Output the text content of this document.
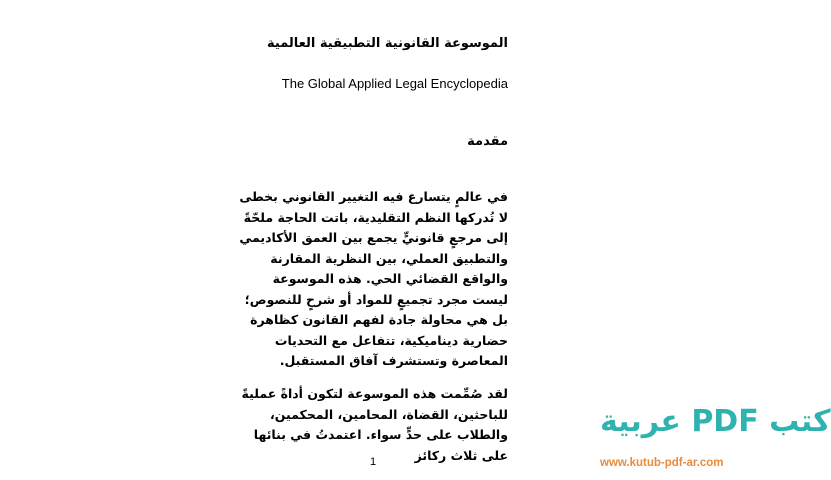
الموسوعة القانونية التطبيقية العالمية
The Global Applied Legal Encyclopedia
مقدمة
في عالمٍ يتسارع فيه التغيير القانوني بخطى لا تُدركها النظم التقليدية، باتت الحاجة ملحّةً إلى مرجعٍ قانونيٍّ يجمع بين العمق الأكاديمي والتطبيق العملي، بين النظرية المقارنة والواقع القضائي الحي. هذه الموسوعة ليست مجرد تجميعٍ للمواد أو شرحٍ للنصوص؛ بل هي محاولة جادة لفهم القانون كظاهرة حضارية ديناميكية، تتفاعل مع التحديات المعاصرة وتستشرف آفاق المستقبل.
لقد صُمِّمت هذه الموسوعة لتكون أداةً عمليةً للباحثين، القضاة، المحامين، المحكمين، والطلاب على حدٍّ سواء. اعتمدتُ في بنائها على ثلاث ركائز
1
كتب PDF عربية
www.kutub-pdf-ar.com
